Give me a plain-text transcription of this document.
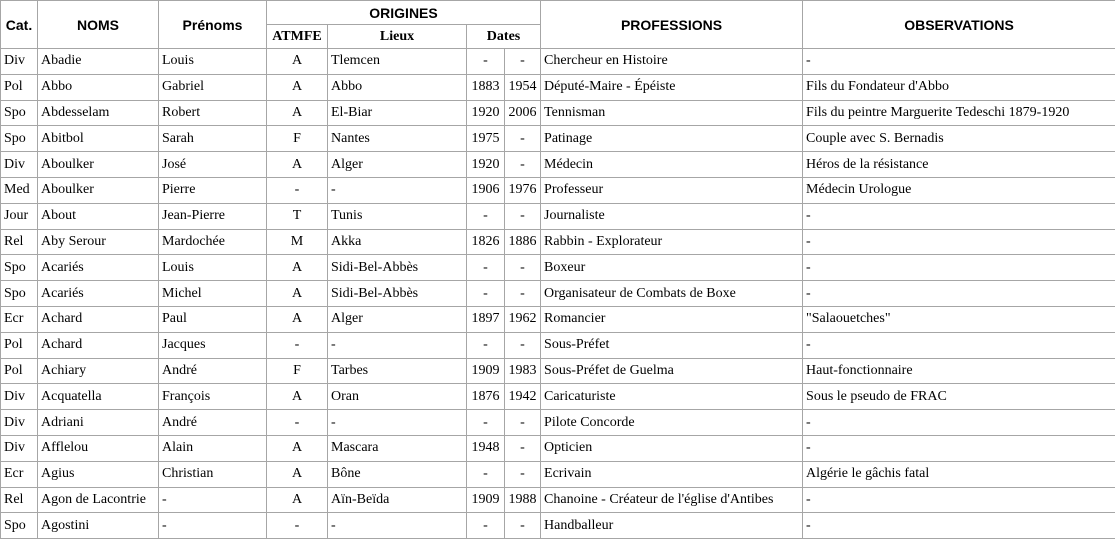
Cat.	NOMS	Prénoms	ORIGINES				PROFESSIONS	OBSERVATIONS
			ATMFE	Lieux	Dates			
Div	Abadie	Louis	A	Tlemcen	-	-	Chercheur en Histoire	-
Pol	Abbo	Gabriel	A	Abbo	1883	1954	Député-Maire - Épéiste	Fils du Fondateur d'Abbo
Spo	Abdesselam	Robert	A	El-Biar	1920	2006	Tennisman	Fils du peintre Marguerite Tedeschi 1879-1920
Spo	Abitbol	Sarah	F	Nantes	1975	-	Patinage	Couple avec S. Bernadis
Div	Aboulker	José	A	Alger	1920	-	Médecin	Héros de la résistance
Med	Aboulker	Pierre	-	-	1906	1976	Professeur	Médecin Urologue
Jour	About	Jean-Pierre	T	Tunis	-	-	Journaliste	-
Rel	Aby Serour	Mardochée	M	Akka	1826	1886	Rabbin - Explorateur	-
Spo	Acariés	Louis	A	Sidi-Bel-Abbès	-	-	Boxeur	-
Spo	Acariés	Michel	A	Sidi-Bel-Abbès	-	-	Organisateur de Combats de Boxe	-
Ecr	Achard	Paul	A	Alger	1897	1962	Romancier	"Salaouetches"
Pol	Achard	Jacques	-	-	-	-	Sous-Préfet	-
Pol	Achiary	André	F	Tarbes	1909	1983	Sous-Préfet de Guelma	Haut-fonctionnaire
Div	Acquatella	François	A	Oran	1876	1942	Caricaturiste	Sous le pseudo de FRAC
Div	Adriani	André	-	-	-	-	Pilote Concorde	-
Div	Afflelou	Alain	A	Mascara	1948	-	Opticien	-
Ecr	Agius	Christian	A	Bône	-	-	Ecrivain	Algérie le gâchis fatal
Rel	Agon de Lacontrie	-	A	Aïn-Beïda	1909	1988	Chanoine - Créateur de l'église d'Antibes	-
Spo	Agostini	-	-	-	-	-	Handballeur	-
